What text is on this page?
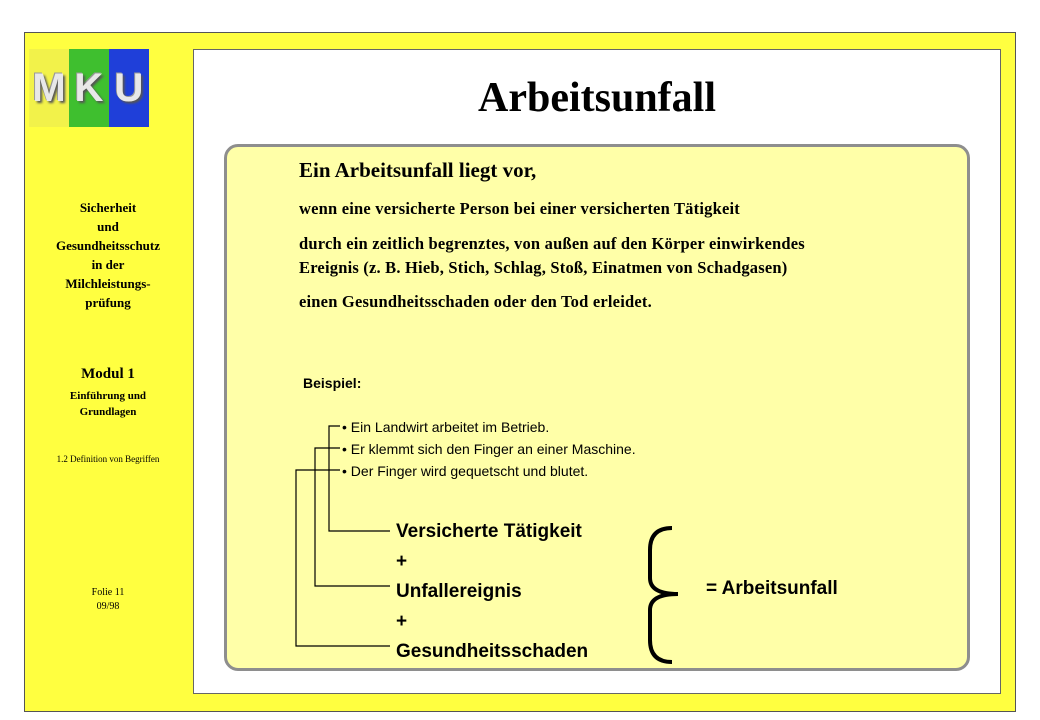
M K U
Sicherheit
und
Gesundheitsschutz
in der
Milchleistungs-
prüfung
Modul 1
Einführung und
Grundlagen
1.2 Definition von Begriffen
Folie 11
09/98
Arbeitsunfall
Ein Arbeitsunfall liegt vor,
wenn eine versicherte Person bei einer versicherten Tätigkeit
durch ein zeitlich begrenztes, von außen auf den Körper einwirkendes
Ereignis (z. B. Hieb, Stich, Schlag, Stoß, Einatmen von Schadgasen)
einen Gesundheitsschaden oder den Tod erleidet.
Beispiel:
• Ein Landwirt arbeitet im Betrieb.
• Er klemmt sich den Finger an einer Maschine.
• Der Finger wird gequetscht und blutet.
Versicherte Tätigkeit
+
Unfallereignis
+
Gesundheitsschaden
= Arbeitsunfall
